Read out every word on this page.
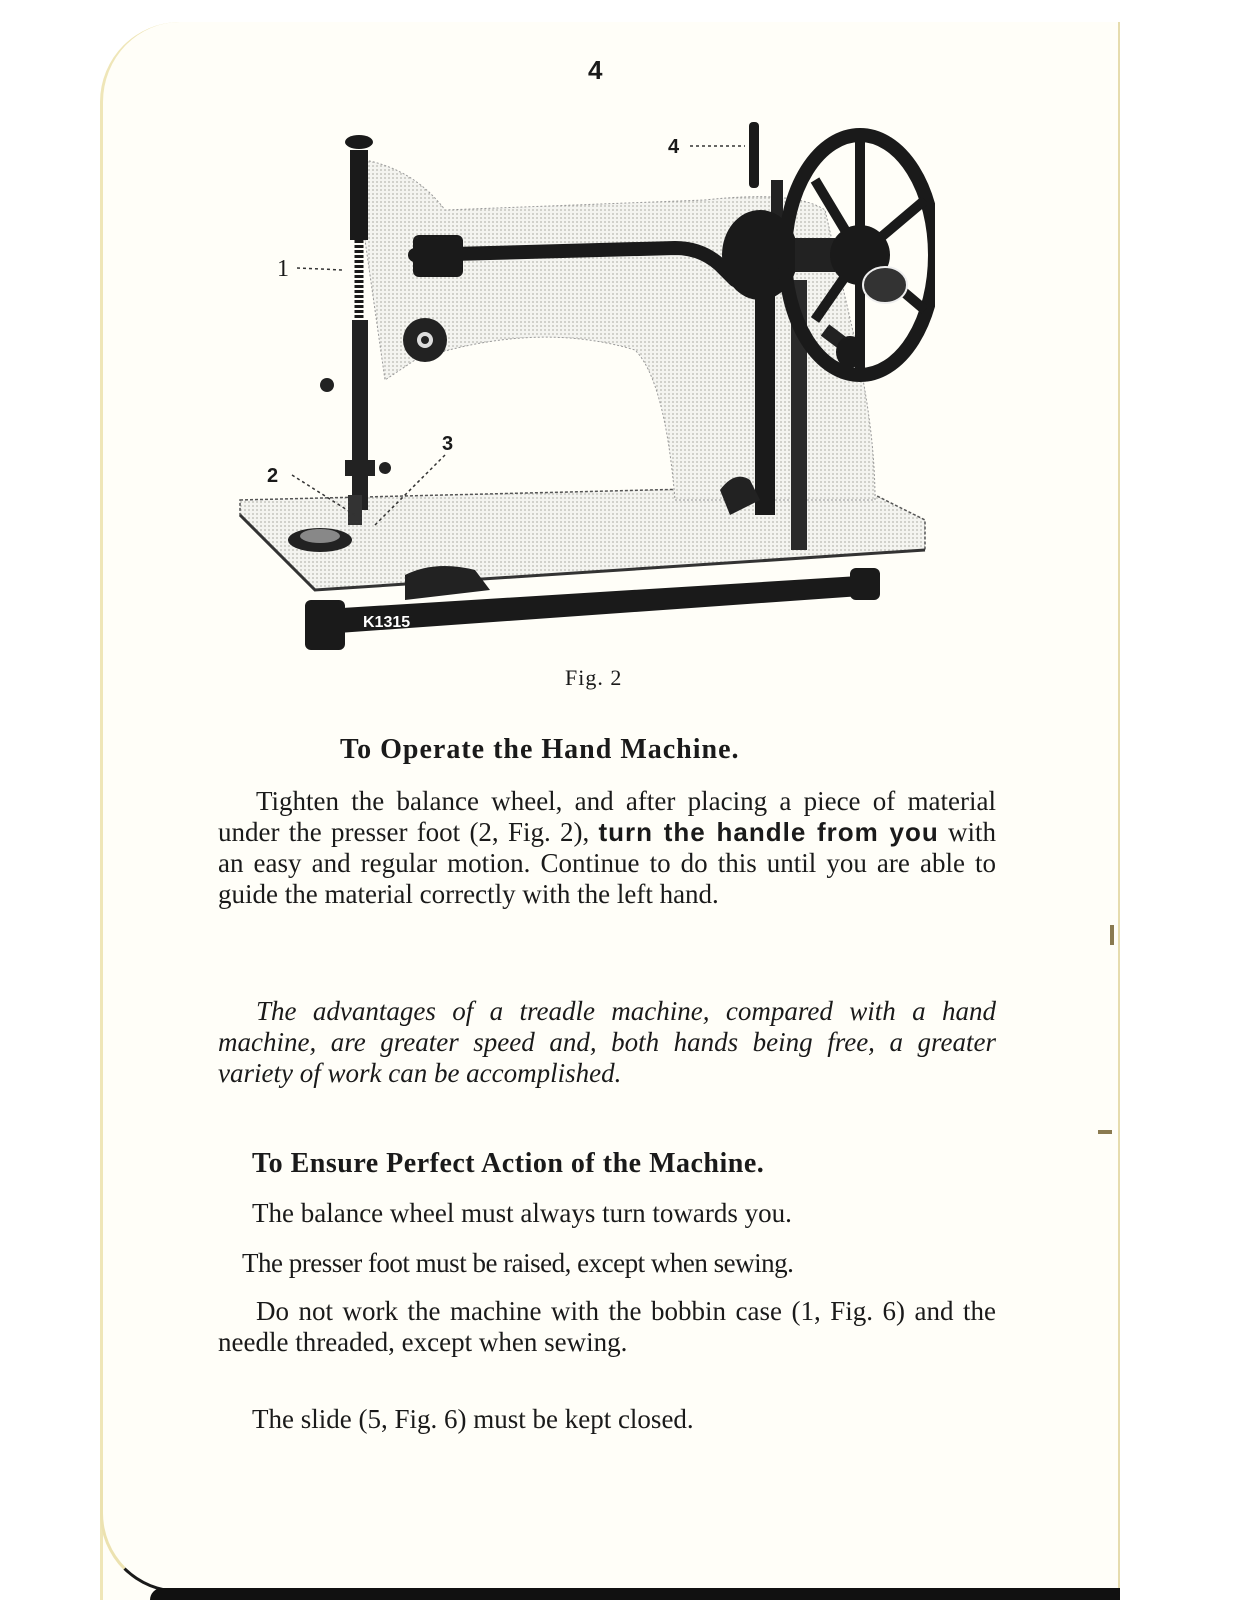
4
K1315
1
2
3
4
Fig. 2
To Operate the Hand Machine.
Tighten the balance wheel, and after placing a piece of material under the presser foot (2, Fig. 2), turn the handle from you with an easy and regular motion. Continue to do this until you are able to guide the material correctly with the left hand.
The advantages of a treadle machine, compared with a hand machine, are greater speed and, both hands being free, a greater variety of work can be accomplished.
To Ensure Perfect Action of the Machine.
The balance wheel must always turn towards you.
The presser foot must be raised, except when sewing.
Do not work the machine with the bobbin case (1, Fig. 6) and the needle threaded, except when sewing.
The slide (5, Fig. 6) must be kept closed.
